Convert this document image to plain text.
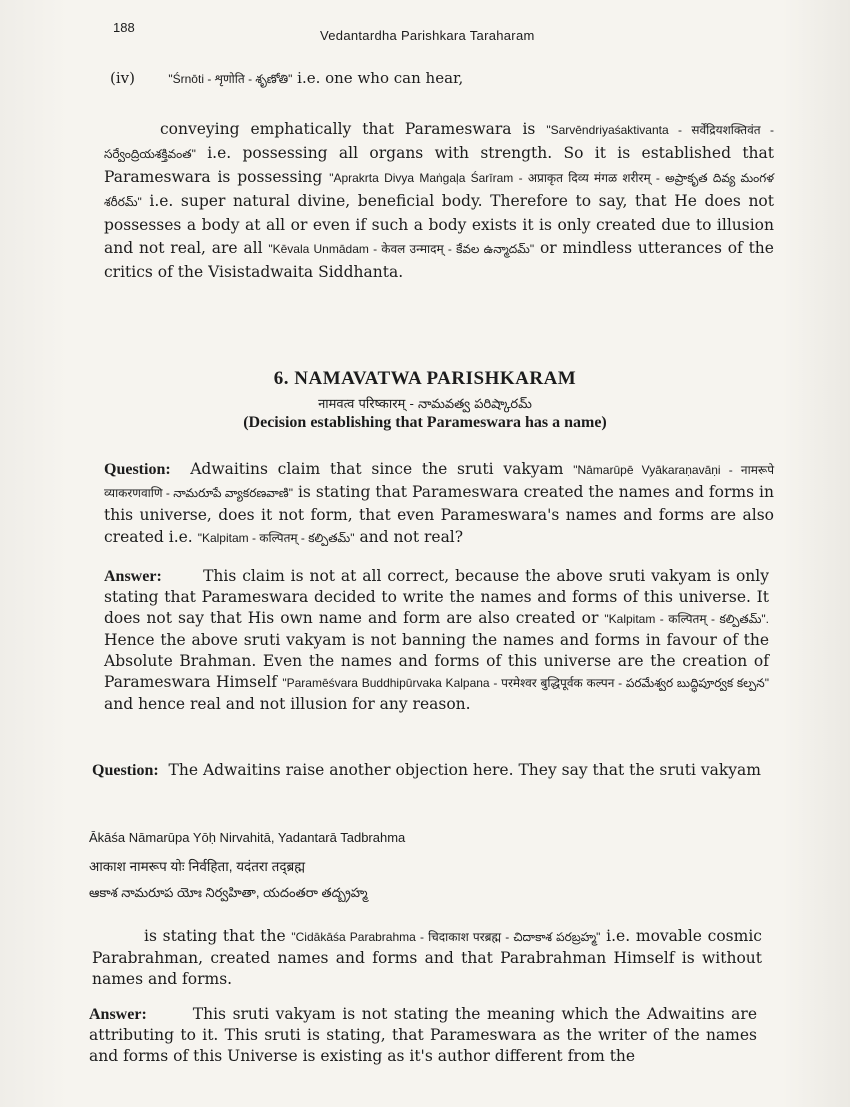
188
Vedantardha Parishkara Taraharam
(iv)	"Śrnōti - शृणोति - శృణోతి" i.e. one who can hear,
conveying emphatically that Parameswara is "Sarvēndriyaśaktivanta - सर्वेंद्रियशक्तिवंत - సర్వేంద్రియశక్తివంత" i.e. possessing all organs with strength. So it is established that Parameswara is possessing "Aprakrta Divya Maṅgaļa Śarīram - अप्राकृत दिव्य मंगळ शरीरम् - అప్రాకృత దివ్య మంగళ శరీరమ్" i.e. super natural divine, beneficial body. Therefore to say, that He does not possesses a body at all or even if such a body exists it is only created due to illusion and not real, are all "Kēvala Unmādam - केवल उन्मादम् - కేవల ఉన్మాదమ్" or mindless utterances of the critics of the Visistadwaita Siddhanta.
6. NAMAVATWA PARISHKARAM
नामवत्व परिष्कारम् - నామవత్వ పరిష్కారమ్
(Decision establishing that Parameswara has a name)
Question: Adwaitins claim that since the sruti vakyam "Nāmarūpē Vyākaraṇavāṇi - नामरूपे व्याकरणवाणि - నామరూపే వ్యాకరణవాణి" is stating that Parameswara created the names and forms in this universe, does it not form, that even Parameswara's names and forms are also created i.e. "Kalpitam - कल्पितम् - కల్పితమ్" and not real?
Answer:	This claim is not at all correct, because the above sruti vakyam is only stating that Parameswara decided to write the names and forms of this universe. It does not say that His own name and form are also created or "Kalpitam - कल्पितम् - కల్పితమ్". Hence the above sruti vakyam is not banning the names and forms in favour of the Absolute Brahman. Even the names and forms of this universe are the creation of Parameswara Himself "Paramēśvara Buddhipūrvaka Kalpana - परमेश्वर बुद्धिपूर्वक कल्पन - పరమేశ్వర బుద్ధిపూర్వక కల్పన" and hence real and not illusion for any reason.
Question: The Adwaitins raise another objection here. They say that the sruti vakyam
Ākāśa Nāmarūpa Yōḥ Nirvahitā, Yadantarā Tadbrahma
आकाश नामरूप योः निर्वहिता, यदंतरा तद्ब्रह्म
ఆకాశ నామరూప యోః నిర్వహితా, యదంతరా తద్బ్రహ్మ
is stating that the "Cidākāśa Parabrahma - चिदाकाश परब्रह्म - చిదాకాశ పరబ్రహ్మ" i.e. movable cosmic Parabrahman, created names and forms and that Parabrahman Himself is without names and forms.
Answer:	This sruti vakyam is not stating the meaning which the Adwaitins are attributing to it. This sruti is stating, that Parameswara as the writer of the names and forms of this Universe is existing as it's author different from the
